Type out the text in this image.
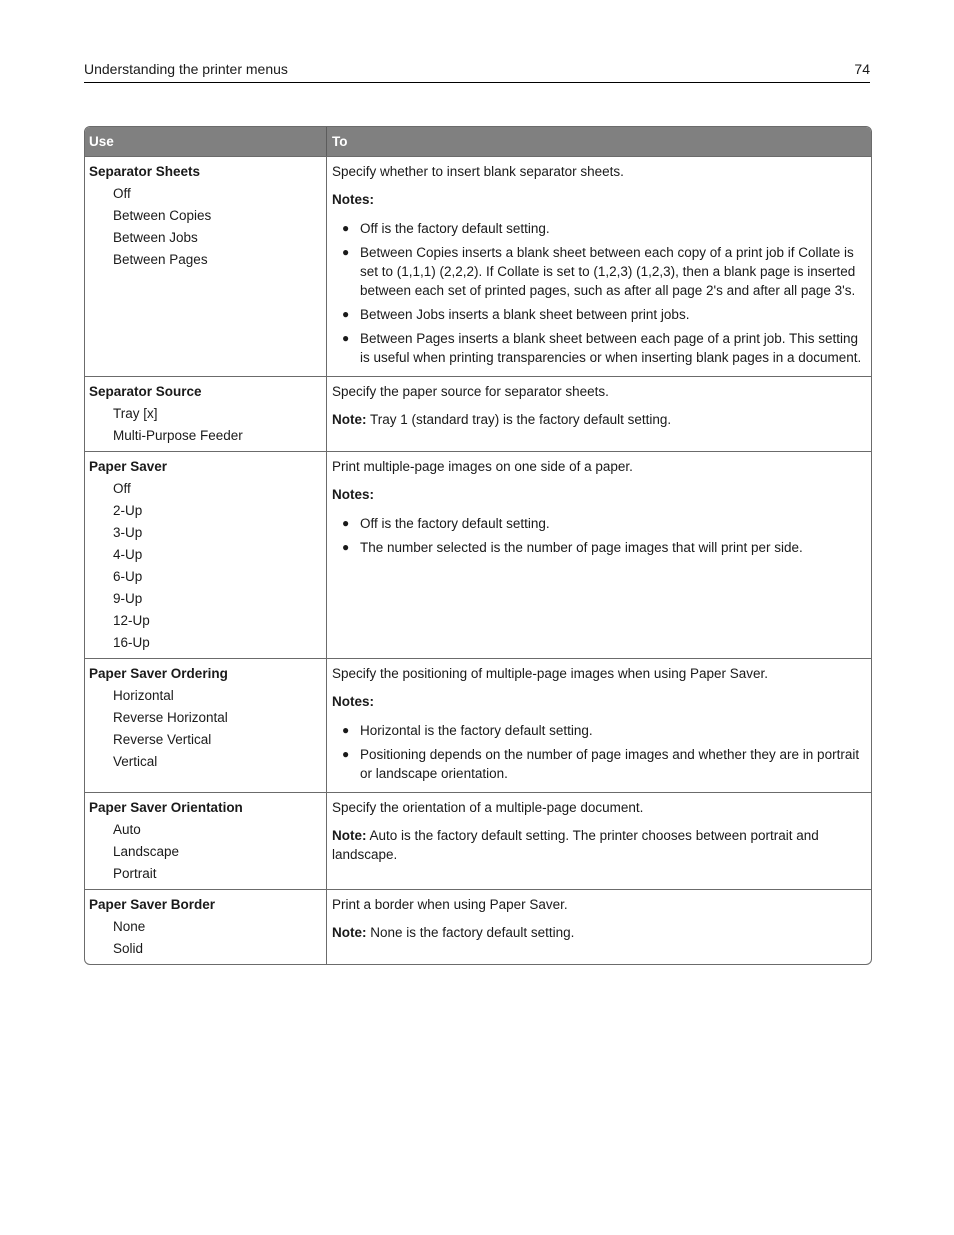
Understanding the printer menus	74
Use	To
Separator Sheets
Off
Between Copies
Between Jobs
Between Pages

Specify whether to insert blank separator sheets.

Notes:

● Off is the factory default setting.
● Between Copies inserts a blank sheet between each copy of a print job if Collate is set to (1,1,1) (2,2,2). If Collate is set to (1,2,3) (1,2,3), then a blank page is inserted between each set of printed pages, such as after all page 2's and after all page 3's.
● Between Jobs inserts a blank sheet between print jobs.
● Between Pages inserts a blank sheet between each page of a print job. This setting is useful when printing transparencies or when inserting blank pages in a document.
Separator Source
Tray [x]
Multi-Purpose Feeder

Specify the paper source for separator sheets.

Note: Tray 1 (standard tray) is the factory default setting.

Paper Saver
Off
2-Up
3-Up
4-Up
6-Up
9-Up
12-Up
16-Up

Print multiple-page images on one side of a paper.

Notes:

● Off is the factory default setting.
● The number selected is the number of page images that will print per side.
Paper Saver Ordering
Horizontal
Reverse Horizontal
Reverse Vertical
Vertical

Specify the positioning of multiple-page images when using Paper Saver.

Notes:

● Horizontal is the factory default setting.
● Positioning depends on the number of page images and whether they are in portrait or landscape orientation.
Paper Saver Orientation
Auto
Landscape
Portrait

Specify the orientation of a multiple-page document.

Note: Auto is the factory default setting. The printer chooses between portrait and landscape.

Paper Saver Border
None
Solid

Print a border when using Paper Saver.

Note: None is the factory default setting.
